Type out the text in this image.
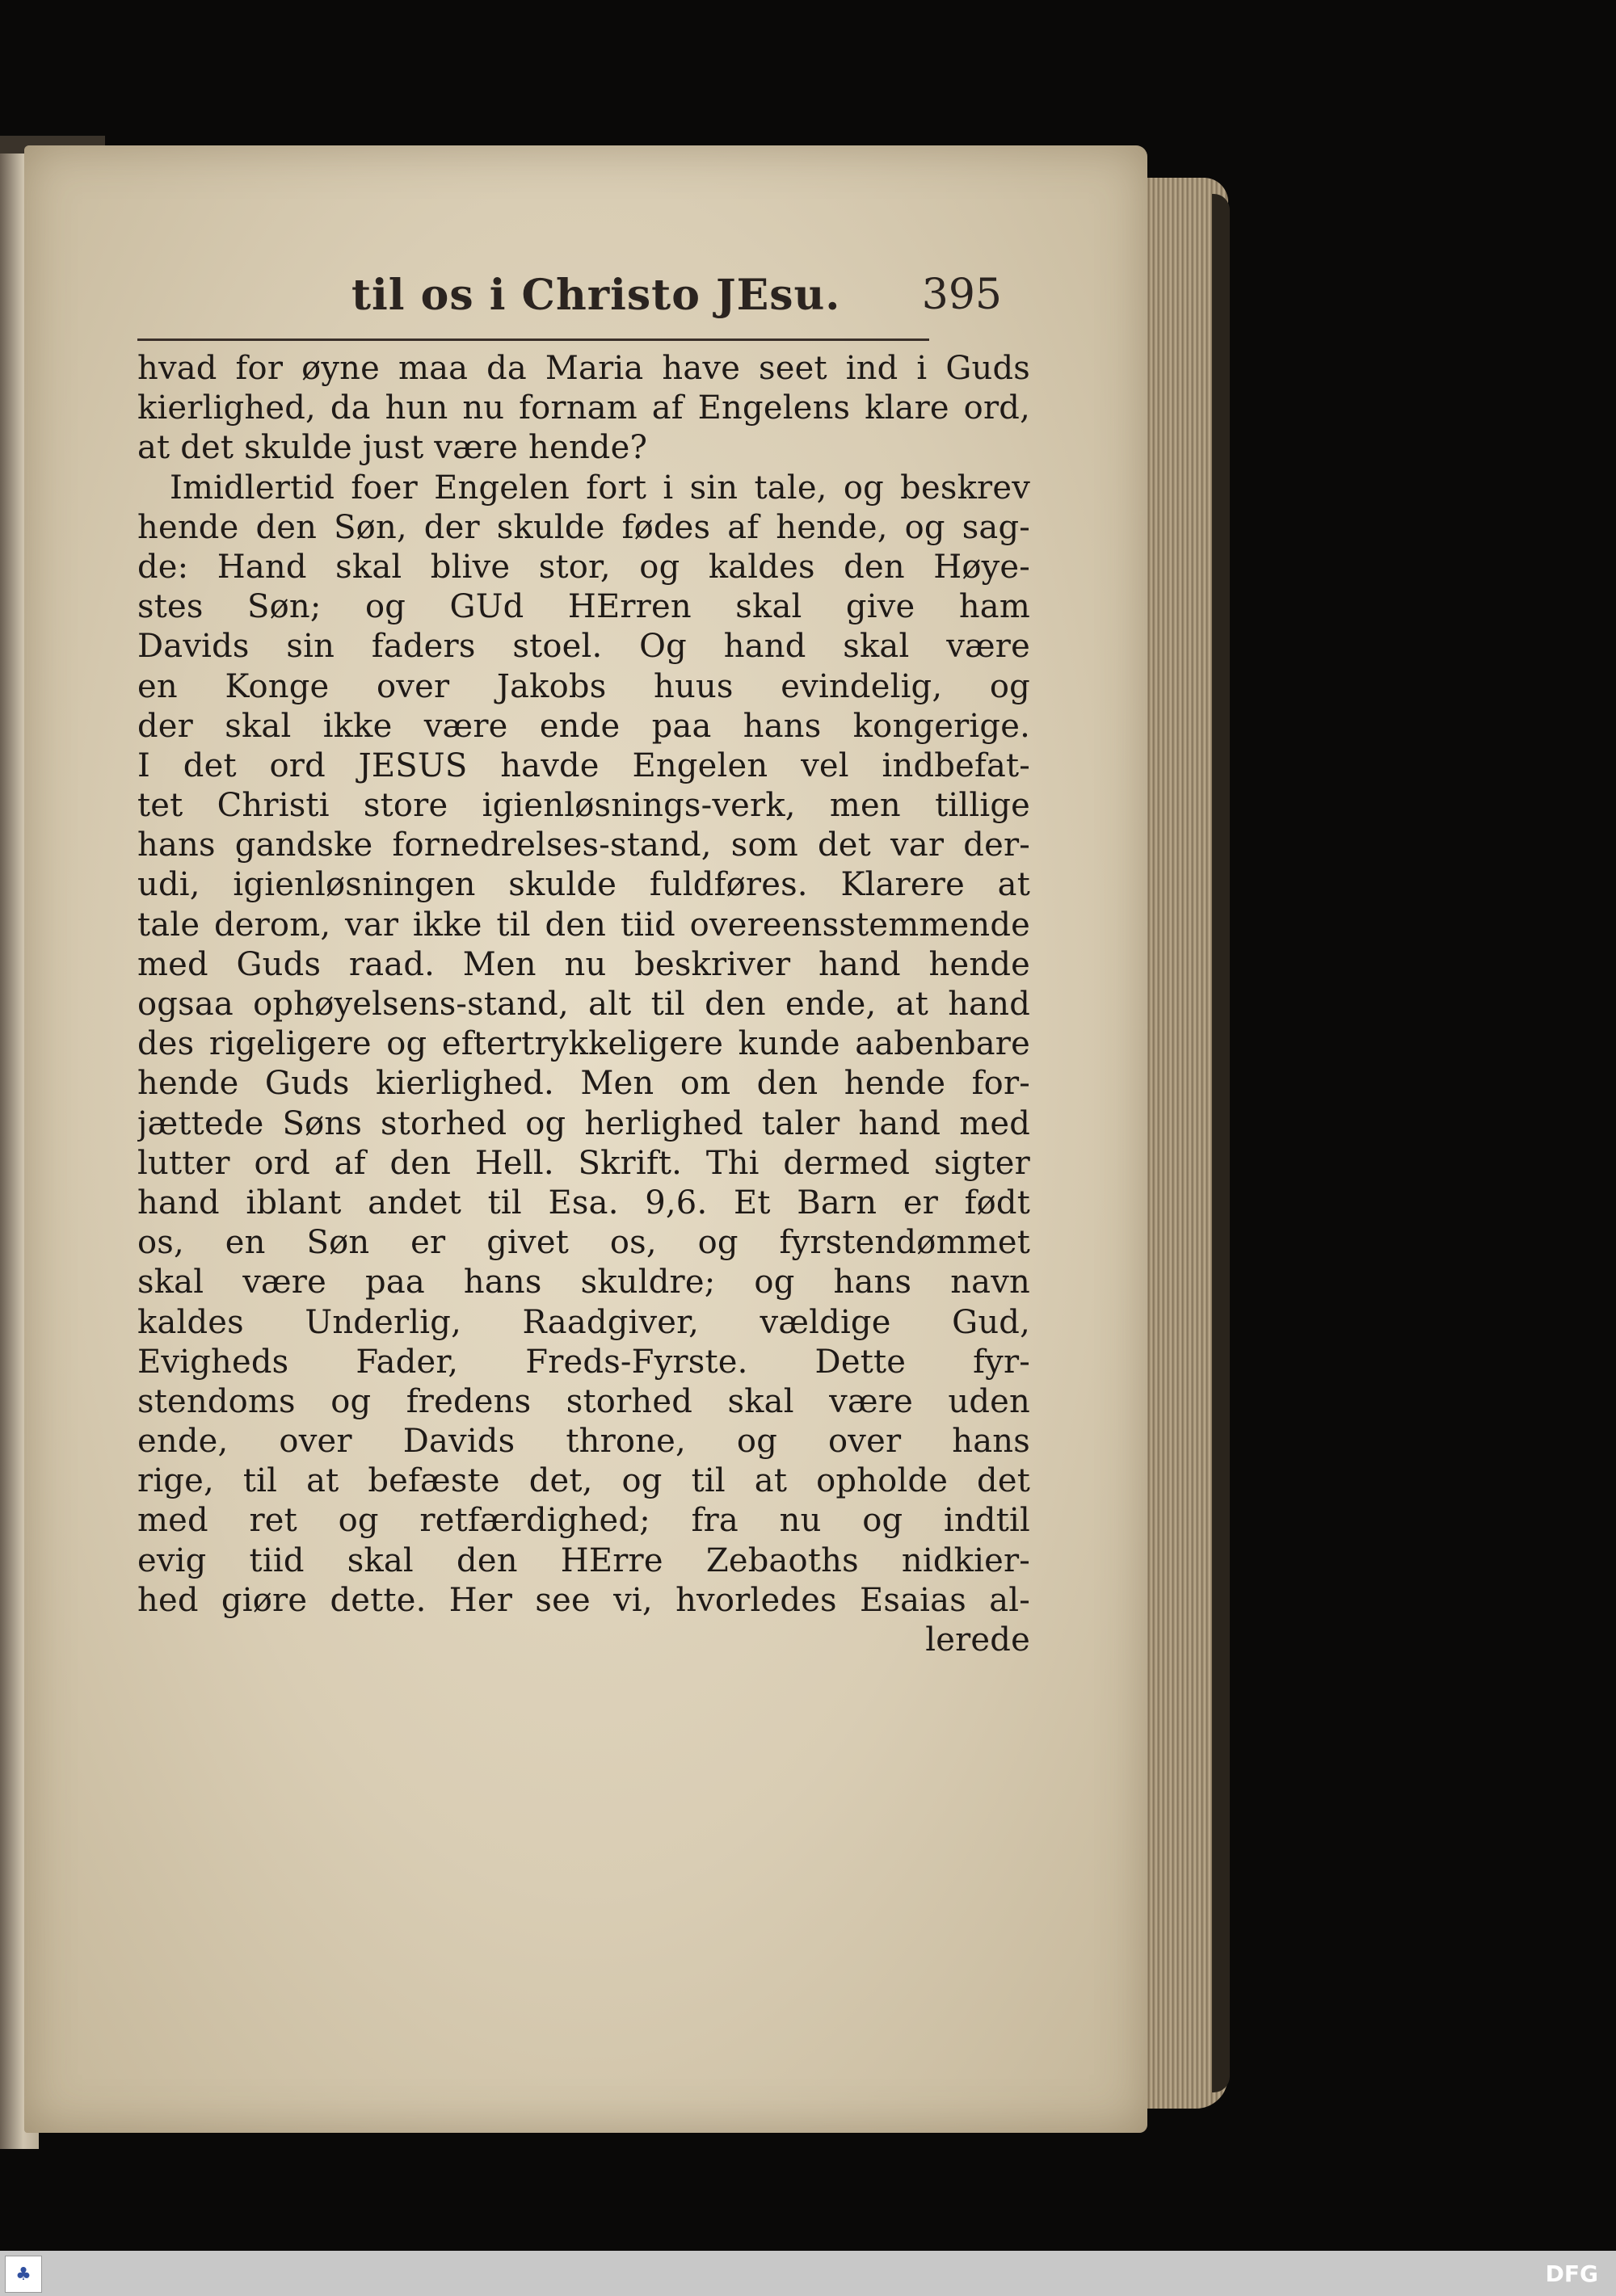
til os i Christo JEsu. 395
hvad for øyne maa da Maria have seet ind i Guds
kierlighed, da hun nu fornam af Engelens klare ord,
at det skulde just være hende?
Imidlertid foer Engelen fort i sin tale, og beskrev
hende den Søn, der skulde fødes af hende, og sag-
de: Hand skal blive stor, og kaldes den Høye-
stes Søn; og GUd HErren skal give ham
Davids sin faders stoel. Og hand skal være
en Konge over Jakobs huus evindelig, og
der skal ikke være ende paa hans kongerige.
I det ord JESUS havde Engelen vel indbefat-
tet Christi store igienløsnings-verk, men tillige
hans gandske fornedrelses-stand, som det var der-
udi, igienløsningen skulde fuldføres. Klarere at
tale derom, var ikke til den tiid overeensstemmende
med Guds raad. Men nu beskriver hand hende
ogsaa ophøyelsens-stand, alt til den ende, at hand
des rigeligere og eftertrykkeligere kunde aabenbare
hende Guds kierlighed. Men om den hende for-
jættede Søns storhed og herlighed taler hand med
lutter ord af den Hell. Skrift. Thi dermed sigter
hand iblant andet til Esa. 9,6. Et Barn er født
os, en Søn er givet os, og fyrstendømmet
skal være paa hans skuldre; og hans navn
kaldes Underlig, Raadgiver, vældige Gud,
Evigheds Fader, Freds-Fyrste. Dette fyr-
stendoms og fredens storhed skal være uden
ende, over Davids throne, og over hans
rige, til at befæste det, og til at opholde det
med ret og retfærdighed; fra nu og indtil
evig tiid skal den HErre Zebaoths nidkier-
hed giøre dette. Her see vi, hvorledes Esaias al-
lerede
♣	DFG
